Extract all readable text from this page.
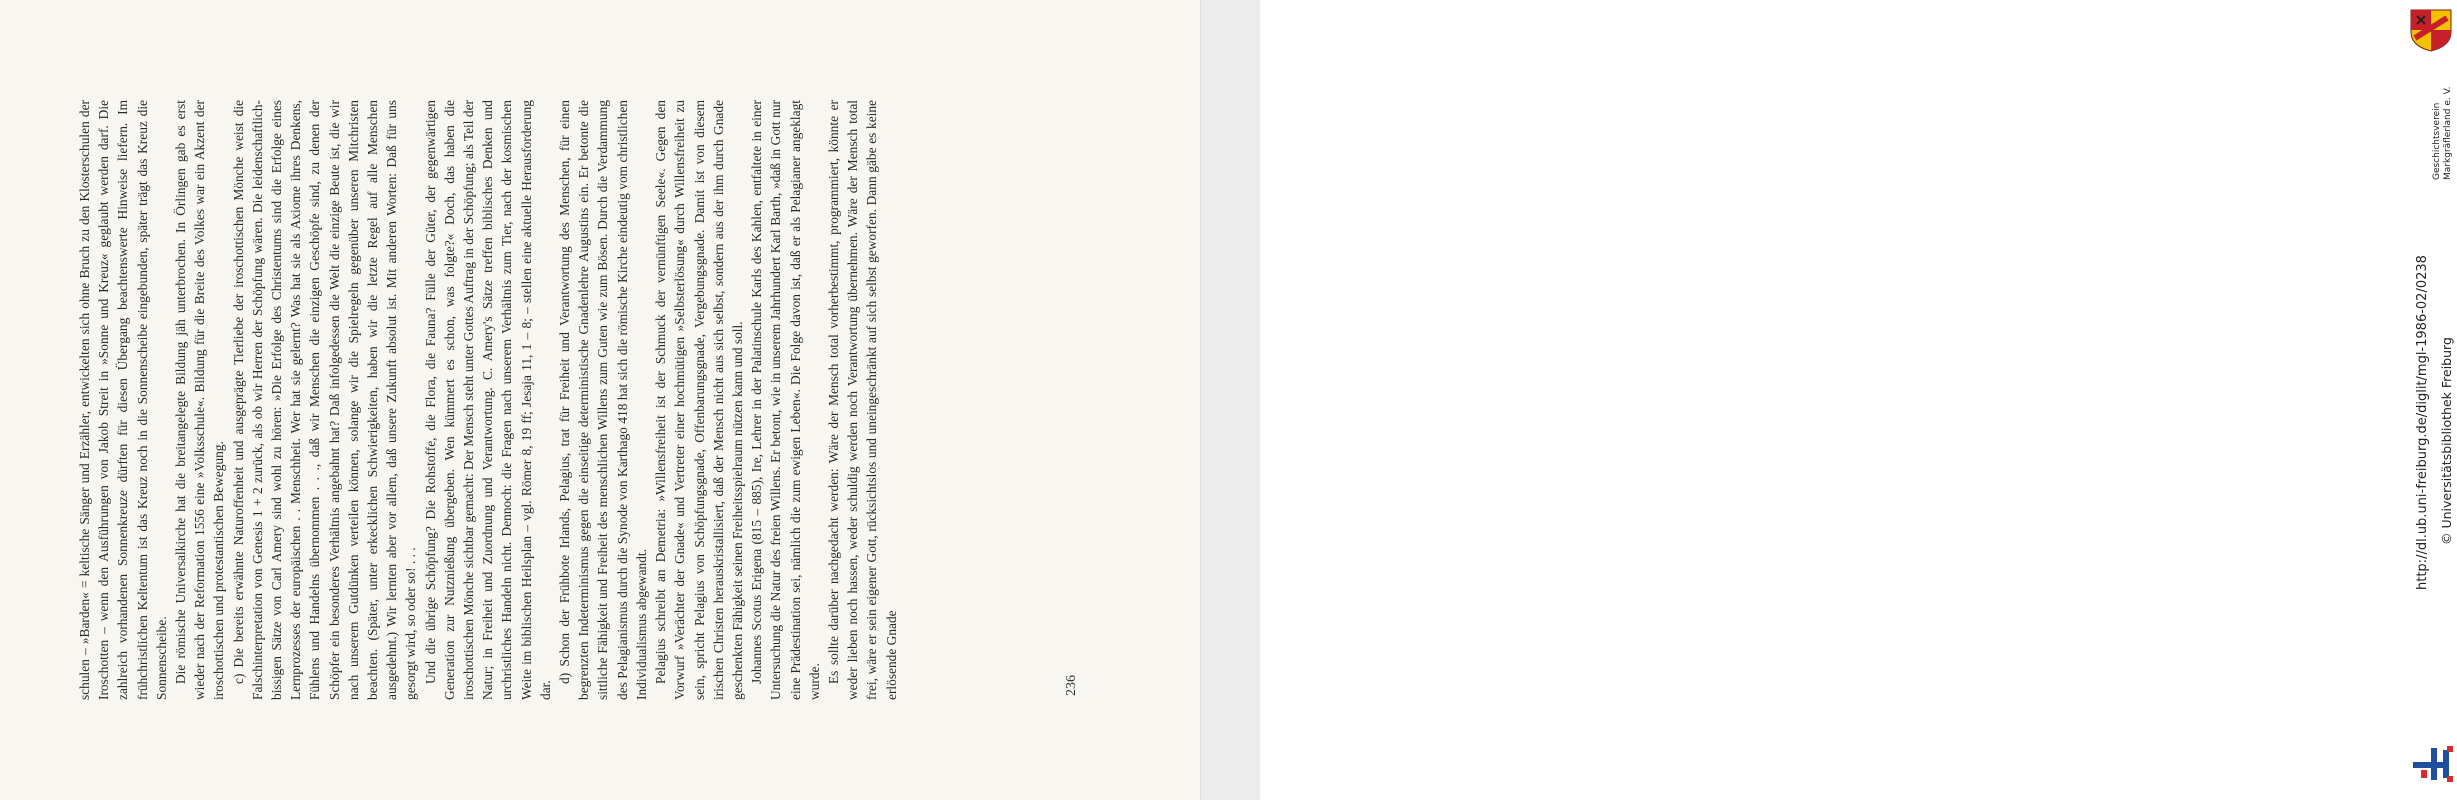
schulen – »Barden« = keltische Sänger und Erzähler, entwickelten sich ohne Bruch zu den Klosterschulen der Iroschotten – wenn den Ausführungen von Jakob Streit in »Sonne und Kreuz« geglaubt werden darf. Die zahlreich vorhandenen Sonnenkreuze dürften für diesen Übergang beachtenswerte Hinweise liefern. Im frühchristlichen Keltentum ist das Kreuz noch in die Sonnenscheibe eingebunden, später trägt das Kreuz die Sonnenscheibe. Die römische Universalkirche hat die breitangelegte Bildung jäh unterbrochen. In Örlingen gab es erst wieder nach der Reformation 1556 eine »Volksschule«. Bildung für die Breite des Volkes war ein Akzent der iroschottischen und protestantischen Bewegung. c) Die bereits erwähnte Naturoffenheit und ausgeprägte Tierliebe der iroschottischen Mönche weist die Falschinterpretation von Genesis 1 + 2 zurück, als ob wir Herren der Schöpfung wären. Die leidenschaftlich-bissigen Sätze von Carl Amery sind wohl zu hören: »Die Erfolge des Christentums sind die Erfolge eines Lernprozesses der europäischen . . Menschheit. Wer hat sie gelernt? Was hat sie als Axiome ihres Denkens, Fühlens und Handelns übernommen . . ., daß wir Menschen die einzigen Geschöpfe sind, zu denen der Schöpfer ein besonderes Verhältnis angebahnt hat? Daß infolgedessen die Welt die einzige Beute ist, die wir nach unserem Gutdünken verteilen können, solange wir die Spielregeln gegenüber unseren Mitchristen beachten. (Später, unter erkecklichen Schwierigkeiten, haben wir die letzte Regel auf alle Menschen ausgedehnt.) Wir lernten aber vor allem, daß unsere Zukunft absolut ist. Mit anderen Worten: Daß für uns gesorgt wird, so oder so! . . . Und die übrige Schöpfung? Die Rohstoffe, die Flora, die Fauna? Fülle der Güter, der gegenwärtigen Generation zur Nutznießung übergeben. Wen kümmert es schon, was folgte?« Doch, das haben die iroschottischen Mönche sichtbar gemacht: Der Mensch steht unter Gottes Auftrag in der Schöpfung; als Teil der Natur; in Freiheit und Zuordnung und Verantwortung. C. Amery's Sätze treffen biblisches Denken und urchristliches Handeln nicht. Dennoch: die Fragen nach unserem Verhältnis zum Tier, nach der kosmischen Weite im biblischen Heilsplan – vgl. Römer 8, 19 ff; Jesaja 11, 1 – 8; – stellen eine aktuelle Herausforderung dar.

d) Schon der Frühbote Irlands, Pelagius, trat für Freiheit und Verantwortung des Menschen, für einen begrenzten Indeterminismus gegen die einseitige deterministische Gnadenlehre Augustins ein. Er betonte die sittliche Fähigkeit und Freiheit des menschlichen Willens zum Guten wie zum Bösen. Durch die Verdammung des Pelagianismus durch die Synode von Karthago 418 hat sich die römische Kirche eindeutig vom christlichen Individualismus abgewandt. Pelagius schreibt an Demetria: »Willensfreiheit ist der Schmuck der vernünftigen Seele«. Gegen den Vorwurf »Verächter der Gnade« und Vertreter einer hochmütigen »Selbsterlösung« durch Willensfreiheit zu sein, spricht Pelagius von Schöpfungsgnade, Offenbarungsgnade, Vergebungsgnade. Damit ist von diesem irischen Christen herauskristallisiert, daß der Mensch nicht aus sich selbst, sondern aus der ihm durch Gnade geschenkten Fähigkeit seinen Freiheitsspielraum nützen kann und soll. Johannes Scotus Erigena (815 – 885), Ire, Lehrer in der Palatinschule Karls des Kahlen, entfaltete in einer Untersuchung die Natur des freien Willens. Er betont, wie in unserem Jahrhundert Karl Barth, »daß in Gott nur eine Prädestination sei, nämlich die zum ewigen Leben«. Die Folge davon ist, daß er als Pelagianer angeklagt wurde. Es sollte darüber nachgedacht werden: Wäre der Mensch total vorherbestimmt, programmiert, könnte er weder lieben noch hassen, weder schuldig werden noch Verantwortung übernehmen. Wäre der Mensch total frei, wäre er sein eigener Gott, rücksichtslos und uneingeschränkt auf sich selbst geworfen. Dann gäbe es keine erlösende Gnade	236
Geschichtsverein Markgräflerland e. V.
http://dl.ub.uni-freiburg.de/diglit/mgl-1986-02/0238 © Universitätsbibliothek Freiburg
